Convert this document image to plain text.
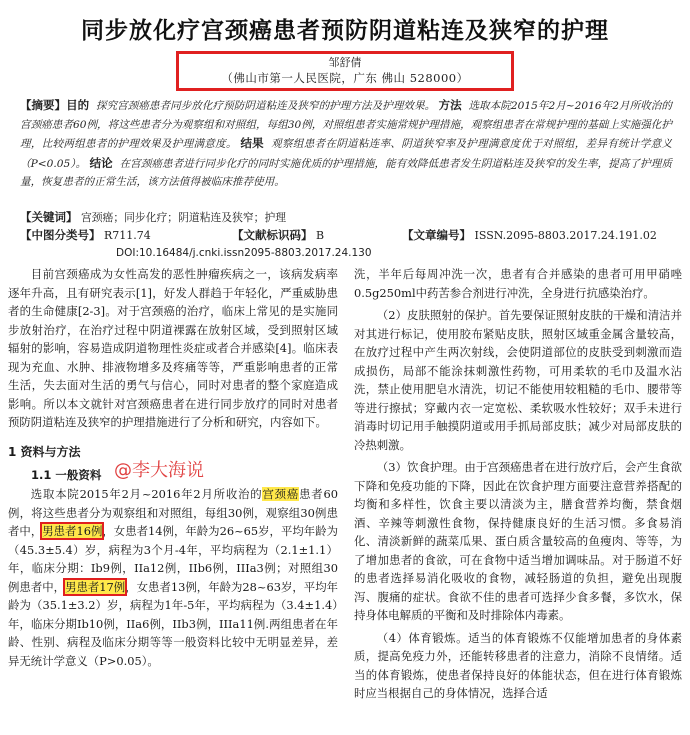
同步放化疗宫颈癌患者预防阴道粘连及狭窄的护理
邹舒倩
（佛山市第一人民医院，广东 佛山 528000）
【摘要】目的 探究宫颈癌患者同步放化疗预防阴道粘连及狭窄的护理方法及护理效果。 方法 选取本院2015年2月~2016年2月所收治的宫颈癌患者60例，将这些患者分为观察组和对照组，每组30例，对照组患者实施常规护理措施，观察组患者在常规护理的基础上实施强化护理，比较两组患者的护理效果及护理满意度。 结果 观察组患者在阴道粘连率、阴道狭窄率及护理满意度优于对照组，差异有统计学意义（P<0.05）。 结论 在宫颈癌患者进行同步化疗的同时实施优质的护理措施，能有效降低患者发生阴道粘连及狭窄的发生率，提高了护理质量，恢复患者的正常生活，该方法值得被临床推荐使用。
【关键词】 宫颈癌；同步化疗；阴道粘连及狭窄；护理
【中图分类号】 R711.74	【文献标识码】 B	【文章编号】 ISSN.2095-8803.2017.24.191.02
DOI:10.16484/j.cnki.issn2095-8803.2017.24.130

目前宫颈癌成为女性高发的恶性肿瘤疾病之一，该病发病率逐年升高，且有研究表示[1]，好发人群趋于年轻化，严重威胁患者的生命健康[2-3]。对于宫颈癌的治疗，临床上常见的是实施同步放射治疗，在治疗过程中阴道裸露在放射区域，受到照射区域辐射的影响，容易造成阴道物理性炎症或者合并感染[4]。临床表现为充血、水肿、排液物增多及疼痛等等，严重影响患者的正常生活，失去面对生活的勇气与信心，同时对患者的整个家庭造成影响。所以本文就针对宫颈癌患者在进行同步放疗的同时对患者预防阴道粘连及狭窄的护理措施进行了分析和研究，内容如下。

1 资料与方法
1.1 一般资料 @李大海说

选取本院2015年2月~2016年2月所收治的宫颈癌患者60例，将这些患者分为观察组和对照组，每组30例，观察组30例患者中，男患者16例，女患者14例，年龄为26~65岁，平均年龄为（45.3±5.4）岁，病程为3个月-4年，平均病程为（2.1±1.1）年，临床分期：Ib9例，IIa12例，IIb6例，IIIa3例；对照组30例患者中，男患者17例，女患者13例，年龄为28~63岁，平均年龄为（35.1±3.2）岁，病程为1年-5年，平均病程为（3.4±1.4）年，临床分期Ib10例，IIa6例，IIb3例，IIIa11例.两组患者在年龄、性别、病程及临床分期等等一般资料比较中无明显差异，差异无统计学意义（P>0.05）。

洗，半年后每周冲洗一次，患者有合并感染的患者可用甲硝唑0.5g250ml中药苦参合剂进行冲洗，全身进行抗感染治疗。

（2）皮肤照射的保护。首先要保证照射皮肤的干燥和清洁并对其进行标记，使用胶布紧贴皮肤，照射区域重金属含量较高，在放疗过程中产生两次射线，会使阴道部位的皮肤受到刺激而造成损伤，局部不能涂抹刺激性药物，可用柔软的毛巾及温水沾洗，禁止使用肥皂水清洗，切记不能使用较粗糙的毛巾、腰带等等进行擦拭；穿戴内衣一定宽松、柔软吸水性较好；双手未进行消毒时切记用手触摸阴道或用手抓局部皮肤；减少对局部皮肤的冷热刺激。

（3）饮食护理。由于宫颈癌患者在进行放疗后，会产生食欲下降和免疫功能的下降，因此在饮食护理方面要注意营养搭配的均衡和多样性，饮食主要以清淡为主，膳食营养均衡，禁食烟酒、辛辣等刺激性食物，保持健康良好的生活习惯。多食易消化、清淡新鲜的蔬菜瓜果、蛋白质含量较高的鱼瘦肉、等等，为了增加患者的食欲，可在食物中适当增加调味品。对于肠道不好的患者选择易消化吸收的食物，减轻肠道的负担，避免出现腹泻、腹痛的症状。食欲不佳的患者可选择少食多餐，多饮水，保持身体电解质的平衡和及时排除体内毒素。

（4）体育锻炼。适当的体育锻炼不仅能增加患者的身体素质，提高免疫力外，还能转移患者的注意力，消除不良情绪。适当的体育锻炼，使患者保持良好的体能状态，但在进行体育锻炼时应当根据自己的身体情况，选择合适
